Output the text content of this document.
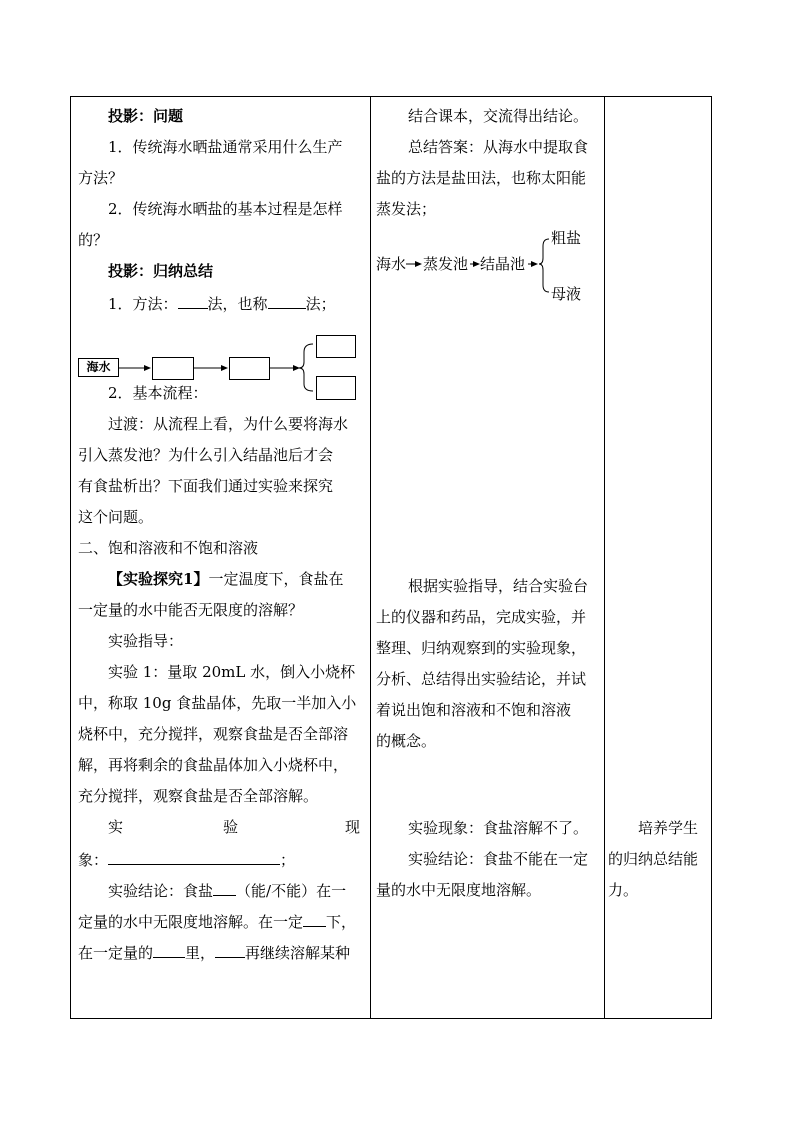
投影：问题
1．传统海水晒盐通常采用什么生产
方法？
2．传统海水晒盐的基本过程是怎样
的？
投影：归纳总结
1．方法： 法，也称	法；
海水
2．基本流程：
过渡：从流程上看，为什么要将海水
引入蒸发池？为什么引入结晶池后才会
有食盐析出？下面我们通过实验来探究
这个问题。
二、饱和溶液和不饱和溶液
【实验探究1】一定温度下，食盐在
一定量的水中能否无限度的溶解？
实验指导：
实验 1：量取 20mL 水，倒入小烧杯
中，称取 10g 食盐晶体，先取一半加入小
烧杯中，充分搅拌，观察食盐是否全部溶
解，再将剩余的食盐晶体加入小烧杯中，
充分搅拌，观察食盐是否全部溶解。
实	验	现
象：	；
实验结论：食盐 （能/不能）在一
定量的水中无限度地溶解。在一定 下，
在一定量的 里， 再继续溶解某种
结合课本，交流得出结论。
总结答案：从海水中提取食
盐的方法是盐田法，也称太阳能
蒸发法；
粗盐
海水 蒸发池 结晶池
母液
根据实验指导，结合实验台
上的仪器和药品，完成实验，并
整理、归纳观察到的实验现象，
分析、总结得出实验结论，并试
着说出饱和溶液和不饱和溶液
的概念。
实验现象：食盐溶解不了。
实验结论：食盐不能在一定
量的水中无限度地溶解。
培养学生
的归纳总结能
力。
